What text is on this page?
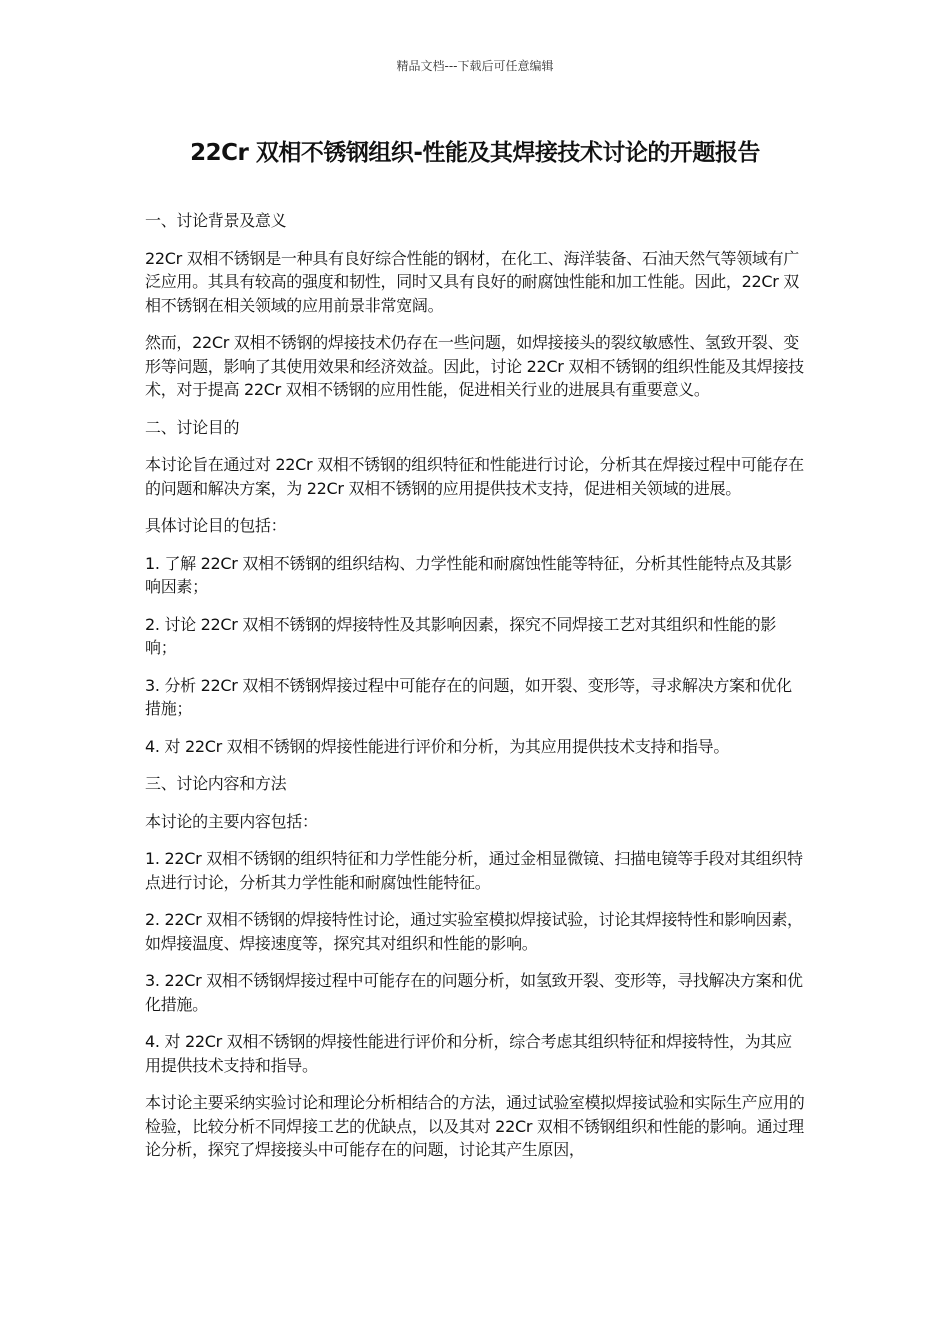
精品文档---下载后可任意编辑
22Cr 双相不锈钢组织-性能及其焊接技术讨论的开题报告

一、讨论背景及意义

22Cr 双相不锈钢是一种具有良好综合性能的钢材，在化工、海洋装备、石油天然气等领域有广泛应用。其具有较高的强度和韧性，同时又具有良好的耐腐蚀性能和加工性能。因此，22Cr 双相不锈钢在相关领域的应用前景非常宽阔。

然而，22Cr 双相不锈钢的焊接技术仍存在一些问题，如焊接接头的裂纹敏感性、氢致开裂、变形等问题，影响了其使用效果和经济效益。因此，讨论 22Cr 双相不锈钢的组织性能及其焊接技术，对于提高 22Cr 双相不锈钢的应用性能，促进相关行业的进展具有重要意义。

二、讨论目的

本讨论旨在通过对 22Cr 双相不锈钢的组织特征和性能进行讨论，分析其在焊接过程中可能存在的问题和解决方案，为 22Cr 双相不锈钢的应用提供技术支持，促进相关领域的进展。

具体讨论目的包括：

1. 了解 22Cr 双相不锈钢的组织结构、力学性能和耐腐蚀性能等特征，分析其性能特点及其影响因素；

2. 讨论 22Cr 双相不锈钢的焊接特性及其影响因素，探究不同焊接工艺对其组织和性能的影响；

3. 分析 22Cr 双相不锈钢焊接过程中可能存在的问题，如开裂、变形等，寻求解决方案和优化措施；

4. 对 22Cr 双相不锈钢的焊接性能进行评价和分析，为其应用提供技术支持和指导。

三、讨论内容和方法

本讨论的主要内容包括：

1. 22Cr 双相不锈钢的组织特征和力学性能分析，通过金相显微镜、扫描电镜等手段对其组织特点进行讨论，分析其力学性能和耐腐蚀性能特征。

2. 22Cr 双相不锈钢的焊接特性讨论，通过实验室模拟焊接试验，讨论其焊接特性和影响因素，如焊接温度、焊接速度等，探究其对组织和性能的影响。

3. 22Cr 双相不锈钢焊接过程中可能存在的问题分析，如氢致开裂、变形等，寻找解决方案和优化措施。

4. 对 22Cr 双相不锈钢的焊接性能进行评价和分析，综合考虑其组织特征和焊接特性，为其应用提供技术支持和指导。

本讨论主要采纳实验讨论和理论分析相结合的方法，通过试验室模拟焊接试验和实际生产应用的检验，比较分析不同焊接工艺的优缺点，以及其对 22Cr 双相不锈钢组织和性能的影响。通过理论分析，探究了焊接接头中可能存在的问题，讨论其产生原因，
